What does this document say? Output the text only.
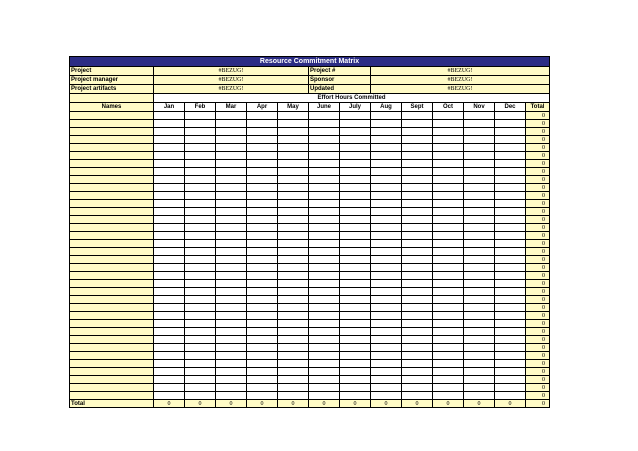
Resource Commitment Matrix													
Project	#BEZUG!					Project #		#BEZUG!					
Project manager	#BEZUG!					Sponsor		#BEZUG!					
Project artifacts	#BEZUG!					Updated		#BEZUG!					
	Effort Hours Committed												
Names	Jan	Feb	Mar	Apr	May	June	July	Aug	Sept	Oct	Nov	Dec	Total
													0
													0
													0
													0
													0
													0
													0
													0
													0
													0
													0
													0
													0
													0
													0
													0
													0
													0
													0
													0
													0
													0
													0
													0
													0
													0
													0
													0
													0
													0
													0
													0
													0
													0
													0
													0
Total	0	0	0	0	0	0	0	0	0	0	0	0	0
